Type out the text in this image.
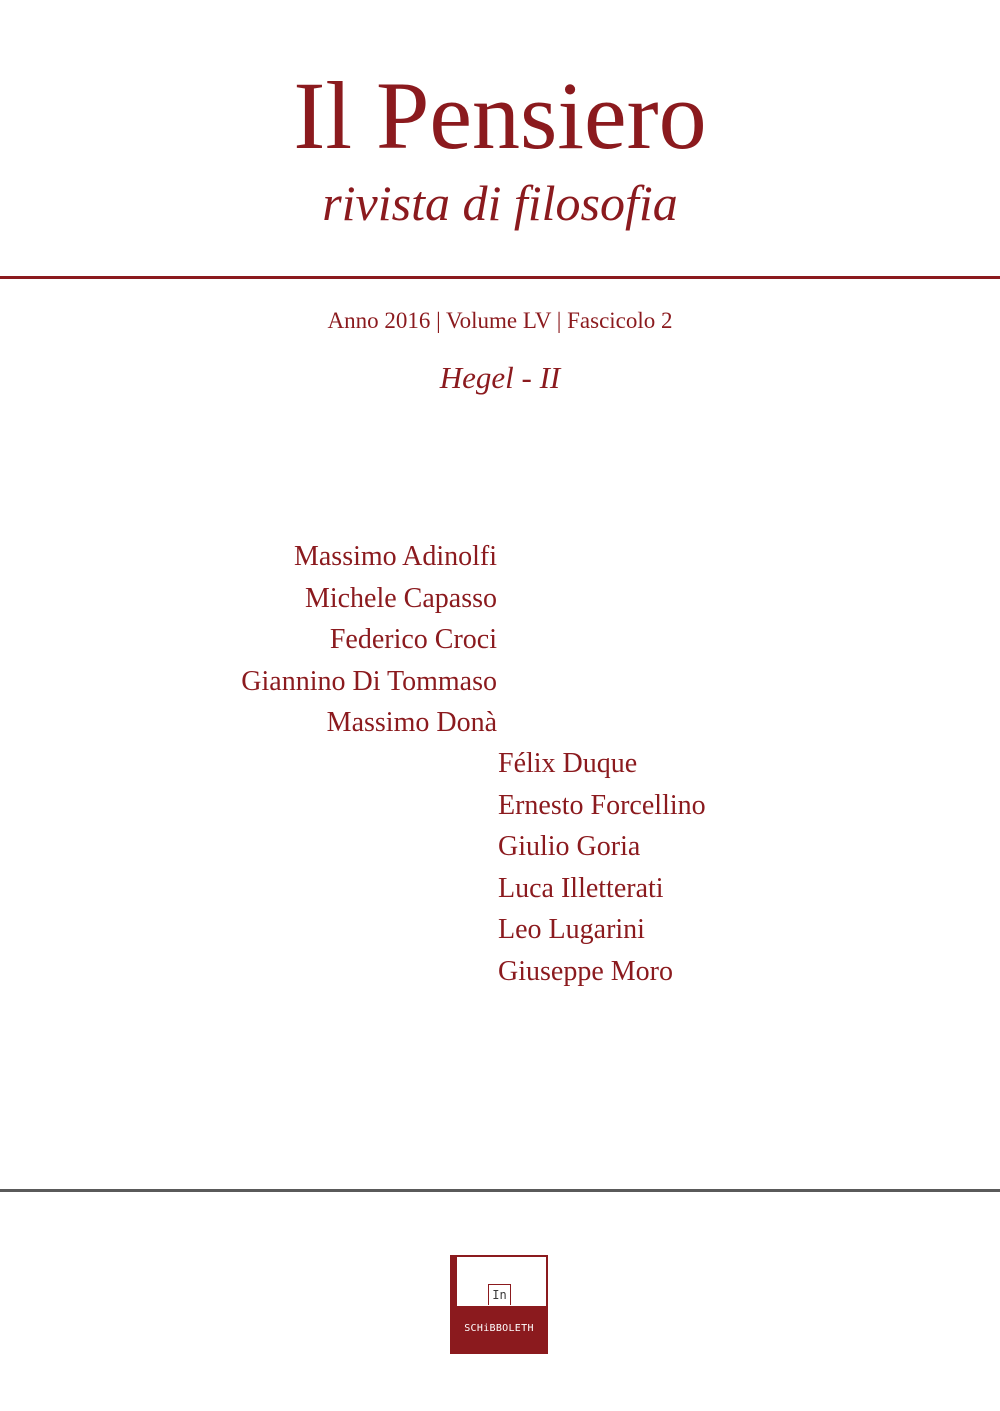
Il Pensiero
rivista di filosofia
Anno 2016 | Volume LV | Fascicolo 2
Hegel - II
Massimo Adinolfi
Michele Capasso
Federico Croci
Giannino Di Tommaso
Massimo Donà
Félix Duque
Ernesto Forcellino
Giulio Goria
Luca Illetterati
Leo Lugarini
Giuseppe Moro
In
SCHiBBOLETH
